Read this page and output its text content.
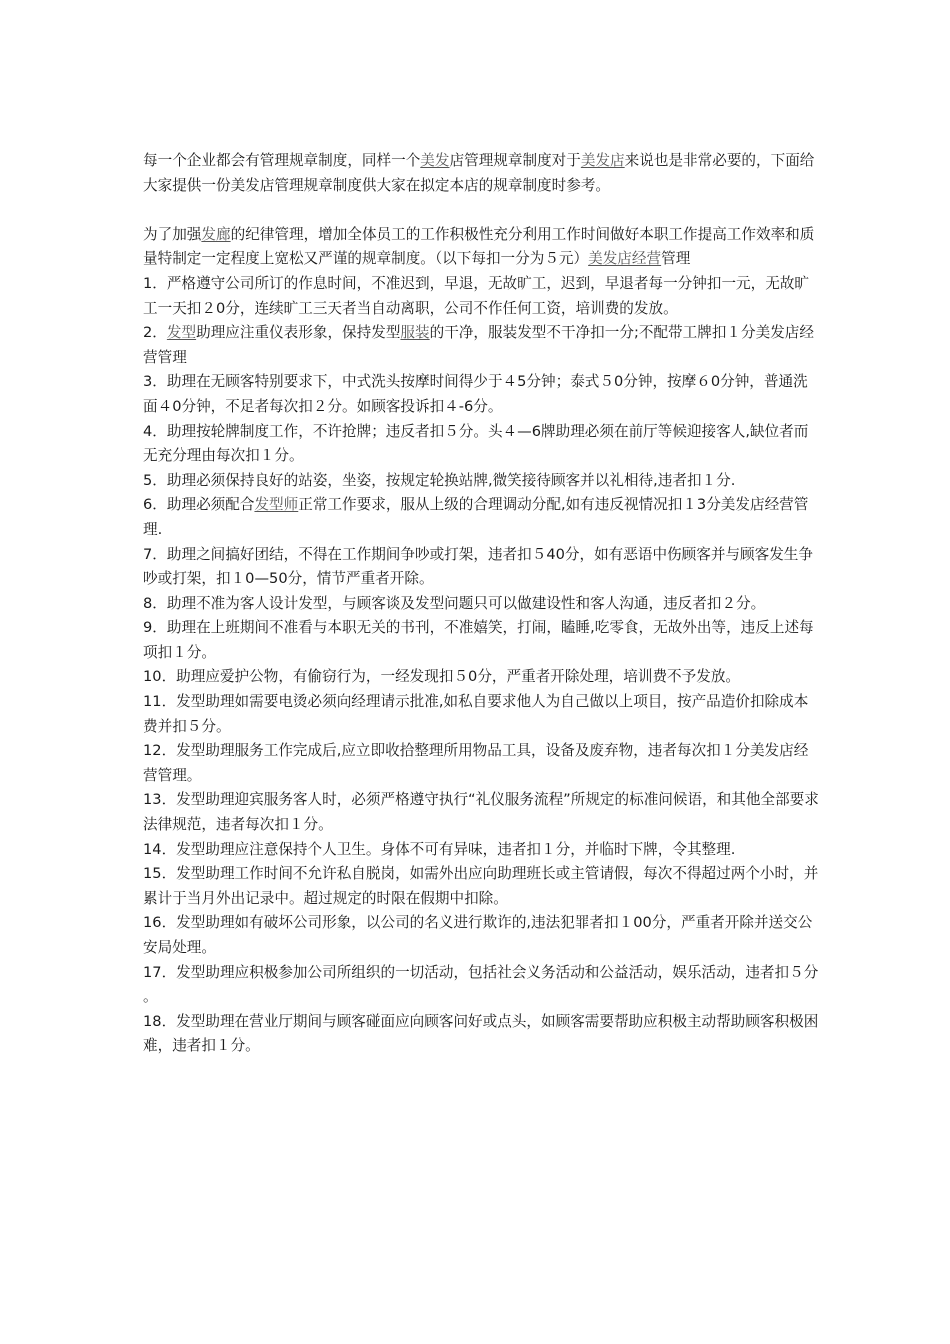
每一个企业都会有管理规章制度，同样一个美发店管理规章制度对于美发店来说也是非常必要的，下面给大家提供一份美发店管理规章制度供大家在拟定本店的规章制度时参考。

为了加强发廊的纪律管理，增加全体员工的工作积极性充分利用工作时间做好本职工作提高工作效率和质量特制定一定程度上宽松又严谨的规章制度。（以下每扣一分为５元）美发店经营管理

1．严格遵守公司所订的作息时间，不准迟到，早退，无故旷工，迟到，早退者每一分钟扣一元，无故旷工一天扣２0分，连续旷工三天者当自动离职，公司不作任何工资，培训费的发放。

2．发型助理应注重仪表形象，保持发型服装的干净，服装发型不干净扣一分;不配带工牌扣１分美发店经营管理

3．助理在无顾客特别要求下，中式洗头按摩时间得少于４5分钟；泰式５0分钟，按摩６0分钟，普通洗面４0分钟，不足者每次扣２分。如顾客投诉扣４-6分。

4．助理按轮牌制度工作，不许抢牌；违反者扣５分。头４—6牌助理必须在前厅等候迎接客人,缺位者而无充分理由每次扣１分。

5．助理必须保持良好的站姿，坐姿，按规定轮换站牌,微笑接待顾客并以礼相待,违者扣１分.

6．助理必须配合发型师正常工作要求，服从上级的合理调动分配,如有违反视情况扣１3分美发店经营管理.

7．助理之间搞好团结，不得在工作期间争吵或打架，违者扣５40分，如有恶语中伤顾客并与顾客发生争吵或打架，扣１0—50分，情节严重者开除。

8．助理不准为客人设计发型，与顾客谈及发型问题只可以做建设性和客人沟通，违反者扣２分。

9．助理在上班期间不准看与本职无关的书刊，不准嬉笑，打闹，瞌睡,吃零食，无故外出等，违反上述每项扣１分。

10．助理应爱护公物，有偷窃行为，一经发现扣５0分，严重者开除处理，培训费不予发放。

11．发型助理如需要电烫必须向经理请示批准,如私自要求他人为自己做以上项目，按产品造价扣除成本费并扣５分。

12．发型助理服务工作完成后,应立即收拾整理所用物品工具，设备及废弃物，违者每次扣１分美发店经营管理。

13．发型助理迎宾服务客人时，必须严格遵守执行“礼仪服务流程”所规定的标准问候语，和其他全部要求法律规范，违者每次扣１分。

14．发型助理应注意保持个人卫生。身体不可有异味，违者扣１分，并临时下牌，令其整理.

15．发型助理工作时间不允许私自脱岗，如需外出应向助理班长或主管请假，每次不得超过两个小时，并累计于当月外出记录中。超过规定的时限在假期中扣除。

16．发型助理如有破坏公司形象，以公司的名义进行欺诈的,违法犯罪者扣１00分，严重者开除并送交公安局处理。

17．发型助理应积极参加公司所组织的一切活动，包括社会义务活动和公益活动，娱乐活动，违者扣５分。

18．发型助理在营业厅期间与顾客碰面应向顾客问好或点头，如顾客需要帮助应积极主动帮助顾客积极困难，违者扣１分。
